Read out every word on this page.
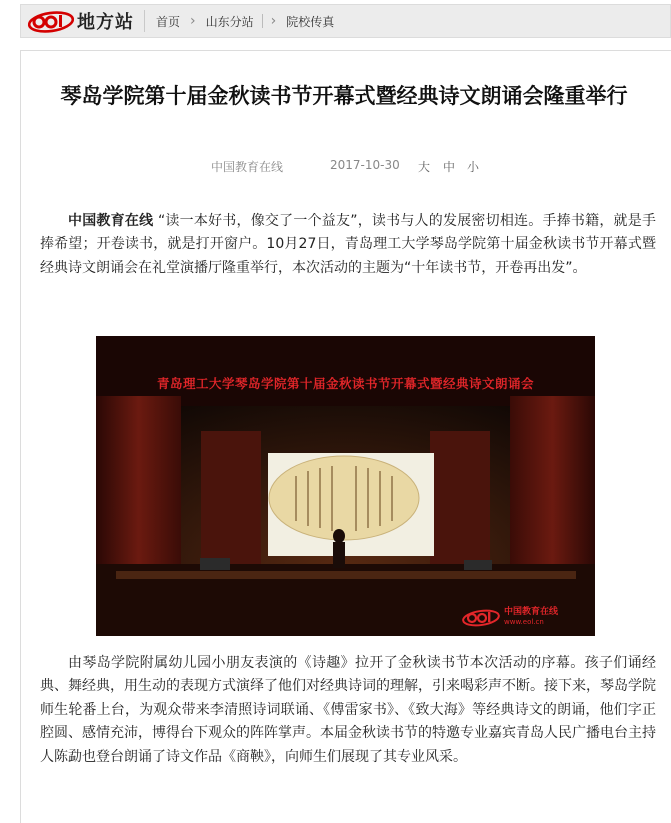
地方站 首页 › 山东分站 › 院校传真
琴岛学院第十届金秋读书节开幕式暨经典诗文朗诵会隆重举行
中国教育在线	2017-10-30 大 中 小
中国教育在线 “读一本好书，像交了一个益友”，读书与人的发展密切相连。手捧书籍，就是手捧希望；开卷读书，就是打开窗户。10月27日，青岛理工大学琴岛学院第十届金秋读书节开幕式暨经典诗文朗诵会在礼堂演播厅隆重举行，本次活动的主题为“十年读书节，开卷再出发”。
青岛理工大学琴岛学院第十届金秋读书节开幕式暨经典诗文朗诵会
中国教育在线
www.eol.cn
由琴岛学院附属幼儿园小朋友表演的《诗趣》拉开了金秋读书节本次活动的序幕。孩子们诵经典、舞经典，用生动的表现方式演绎了他们对经典诗词的理解，引来喝彩声不断。接下来，琴岛学院师生轮番上台，为观众带来李清照诗词联诵、《傅雷家书》、《致大海》等经典诗文的朗诵，他们字正腔圆、感情充沛，博得台下观众的阵阵掌声。本届金秋读书节的特邀专业嘉宾青岛人民广播电台主持人陈勐也登台朗诵了诗文作品《商鞅》，向师生们展现了其专业风采。
